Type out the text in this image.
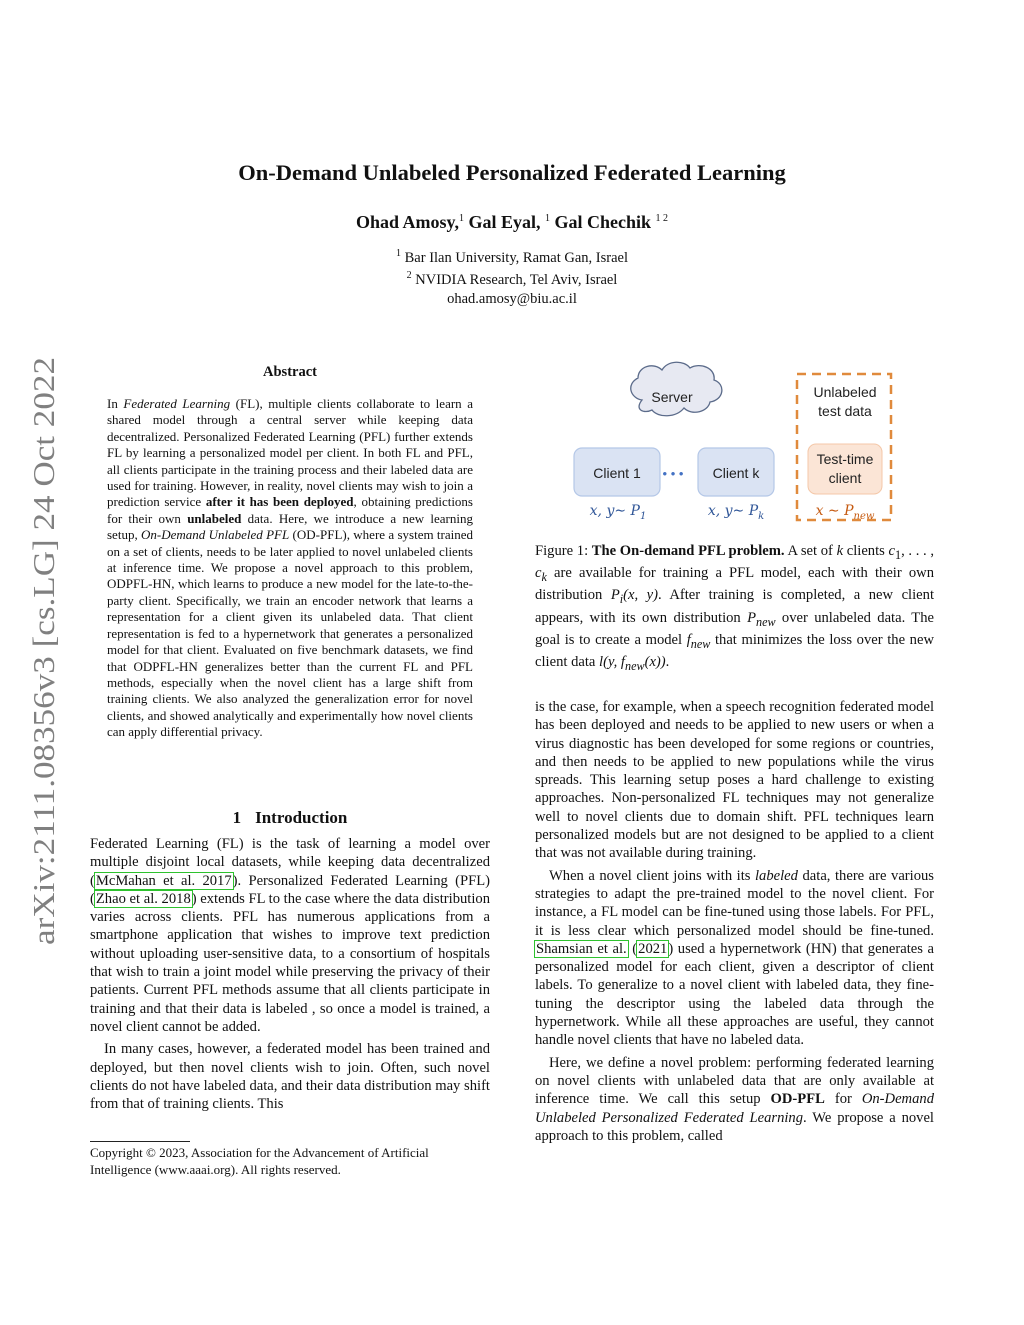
arXiv:2111.08356v3 [cs.LG] 24 Oct 2022
On-Demand Unlabeled Personalized Federated Learning
Ohad Amosy,$^1$ Gal Eyal, $^1$ Gal Chechik $^{1 2}$
$^1$ Bar Ilan University, Ramat Gan, Israel
$^2$ NVIDIA Research, Tel Aviv, Israel
ohad.amosy@biu.ac.il
Abstract
In Federated Learning (FL), multiple clients collaborate to learn a shared model through a central server while keeping data decentralized. Personalized Federated Learning (PFL) further extends FL by learning a personalized model per client. In both FL and PFL, all clients participate in the training process and their labeled data are used for training. However, in reality, novel clients may wish to join a prediction service after it has been deployed, obtaining predictions for their own unlabeled data. Here, we introduce a new learning setup, On-Demand Unlabeled PFL (OD-PFL), where a system trained on a set of clients, needs to be later applied to novel unlabeled clients at inference time. We propose a novel approach to this problem, ODPFL-HN, which learns to produce a new model for the late-to-the-party client. Specifically, we train an encoder network that learns a representation for a client given its unlabeled data. That client representation is fed to a hypernetwork that generates a personalized model for that client. Evaluated on five benchmark datasets, we find that ODPFL-HN generalizes better than the current FL and PFL methods, especially when the novel client has a large shift from training clients. We also analyzed the generalization error for novel clients, and showed analytically and experimentally how novel clients can apply differential privacy.
1 Introduction

Federated Learning (FL) is the task of learning a model over multiple disjoint local datasets, while keeping data decentralized (McMahan et al. 2017). Personalized Federated Learning (PFL) (Zhao et al. 2018) extends FL to the case where the data distribution varies across clients. PFL has numerous applications from a smartphone application that wishes to improve text prediction without uploading user-sensitive data, to a consortium of hospitals that wish to train a joint model while preserving the privacy of their patients. Current PFL methods assume that all clients participate in training and that their data is labeled , so once a model is trained, a novel client cannot be added.

In many cases, however, a federated model has been trained and deployed, but then novel clients wish to join. Often, such novel clients do not have labeled data, and their data distribution may shift from that of training clients. This

Copyright © 2023, Association for the Advancement of Artificial Intelligence (www.aaai.org). All rights reserved.
Server
Client 1 • • • Client k
Unlabeled
test data
Test-time
client
x, y∼ $P_1$	x, y∼ $P_k$	x ∼ $P_{new}$
Figure 1: The On-demand PFL problem. A set of k clients $c_1$, . . . , $c_k$ are available for training a PFL model, each with their own distribution $P_i(x$, y). After training is completed, a new client appears, with its own distribution $P_{new}$ over unlabeled data. The goal is to create a model $f_{new}$ that minimizes the loss over the new client data l(y, $f_{new}(x)$).

is the case, for example, when a speech recognition federated model has been deployed and needs to be applied to new users or when a virus diagnostic has been developed for some regions or countries, and then needs to be applied to new populations while the virus spreads. This learning setup poses a hard challenge to existing approaches. Non-personalized FL techniques may not generalize well to novel clients due to domain shift. PFL techniques learn personalized models but are not designed to be applied to a client that was not available during training.

When a novel client joins with its labeled data, there are various strategies to adapt the pre-trained model to the novel client. For instance, a FL model can be fine-tuned using those labels. For PFL, it is less clear which personalized model should be fine-tuned. Shamsian et al. (2021) used a hypernetwork (HN) that generates a personalized model for each client, given a descriptor of client labels. To generalize to a novel client with labeled data, they fine-tuning the descriptor using the labeled data through the hypernetwork. While all these approaches are useful, they cannot handle novel clients that have no labeled data.

Here, we define a novel problem: performing federated learning on novel clients with unlabeled data that are only available at inference time. We call this setup OD-PFL for On-Demand Unlabeled Personalized Federated Learning. We propose a novel approach to this problem, called
